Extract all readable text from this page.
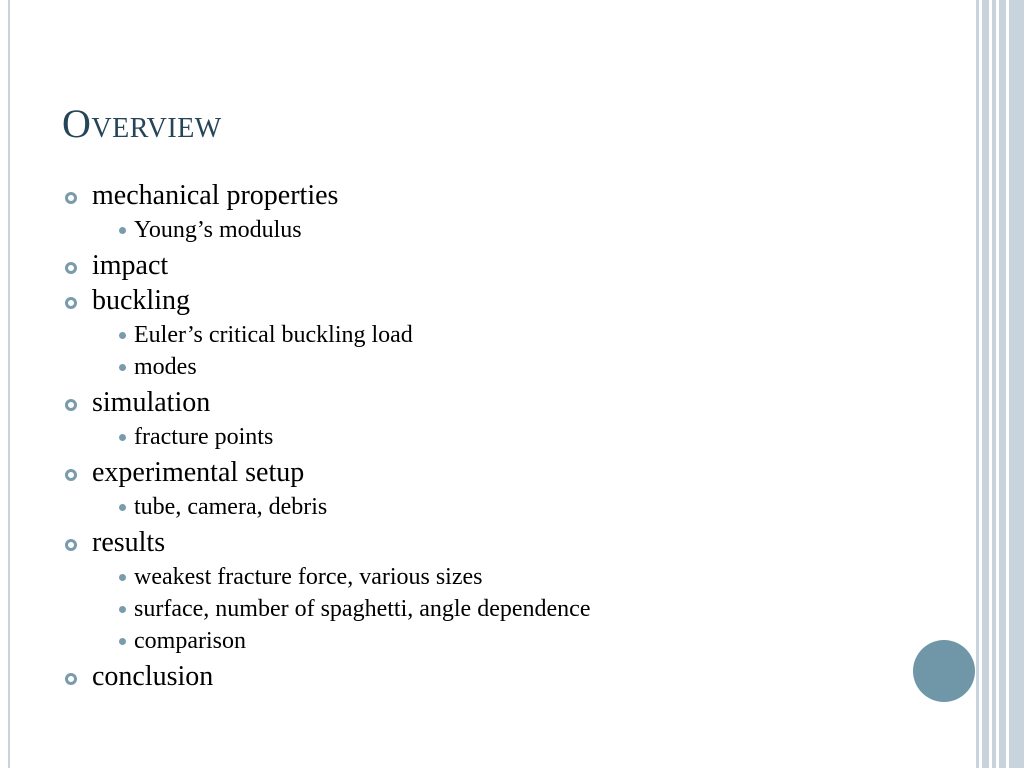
Overview
mechanical properties
Young’s modulus
impact
buckling
Euler’s critical buckling load
modes
simulation
fracture points
experimental setup
tube, camera, debris
results
weakest fracture force, various sizes
surface, number of spaghetti, angle dependence
comparison
conclusion
